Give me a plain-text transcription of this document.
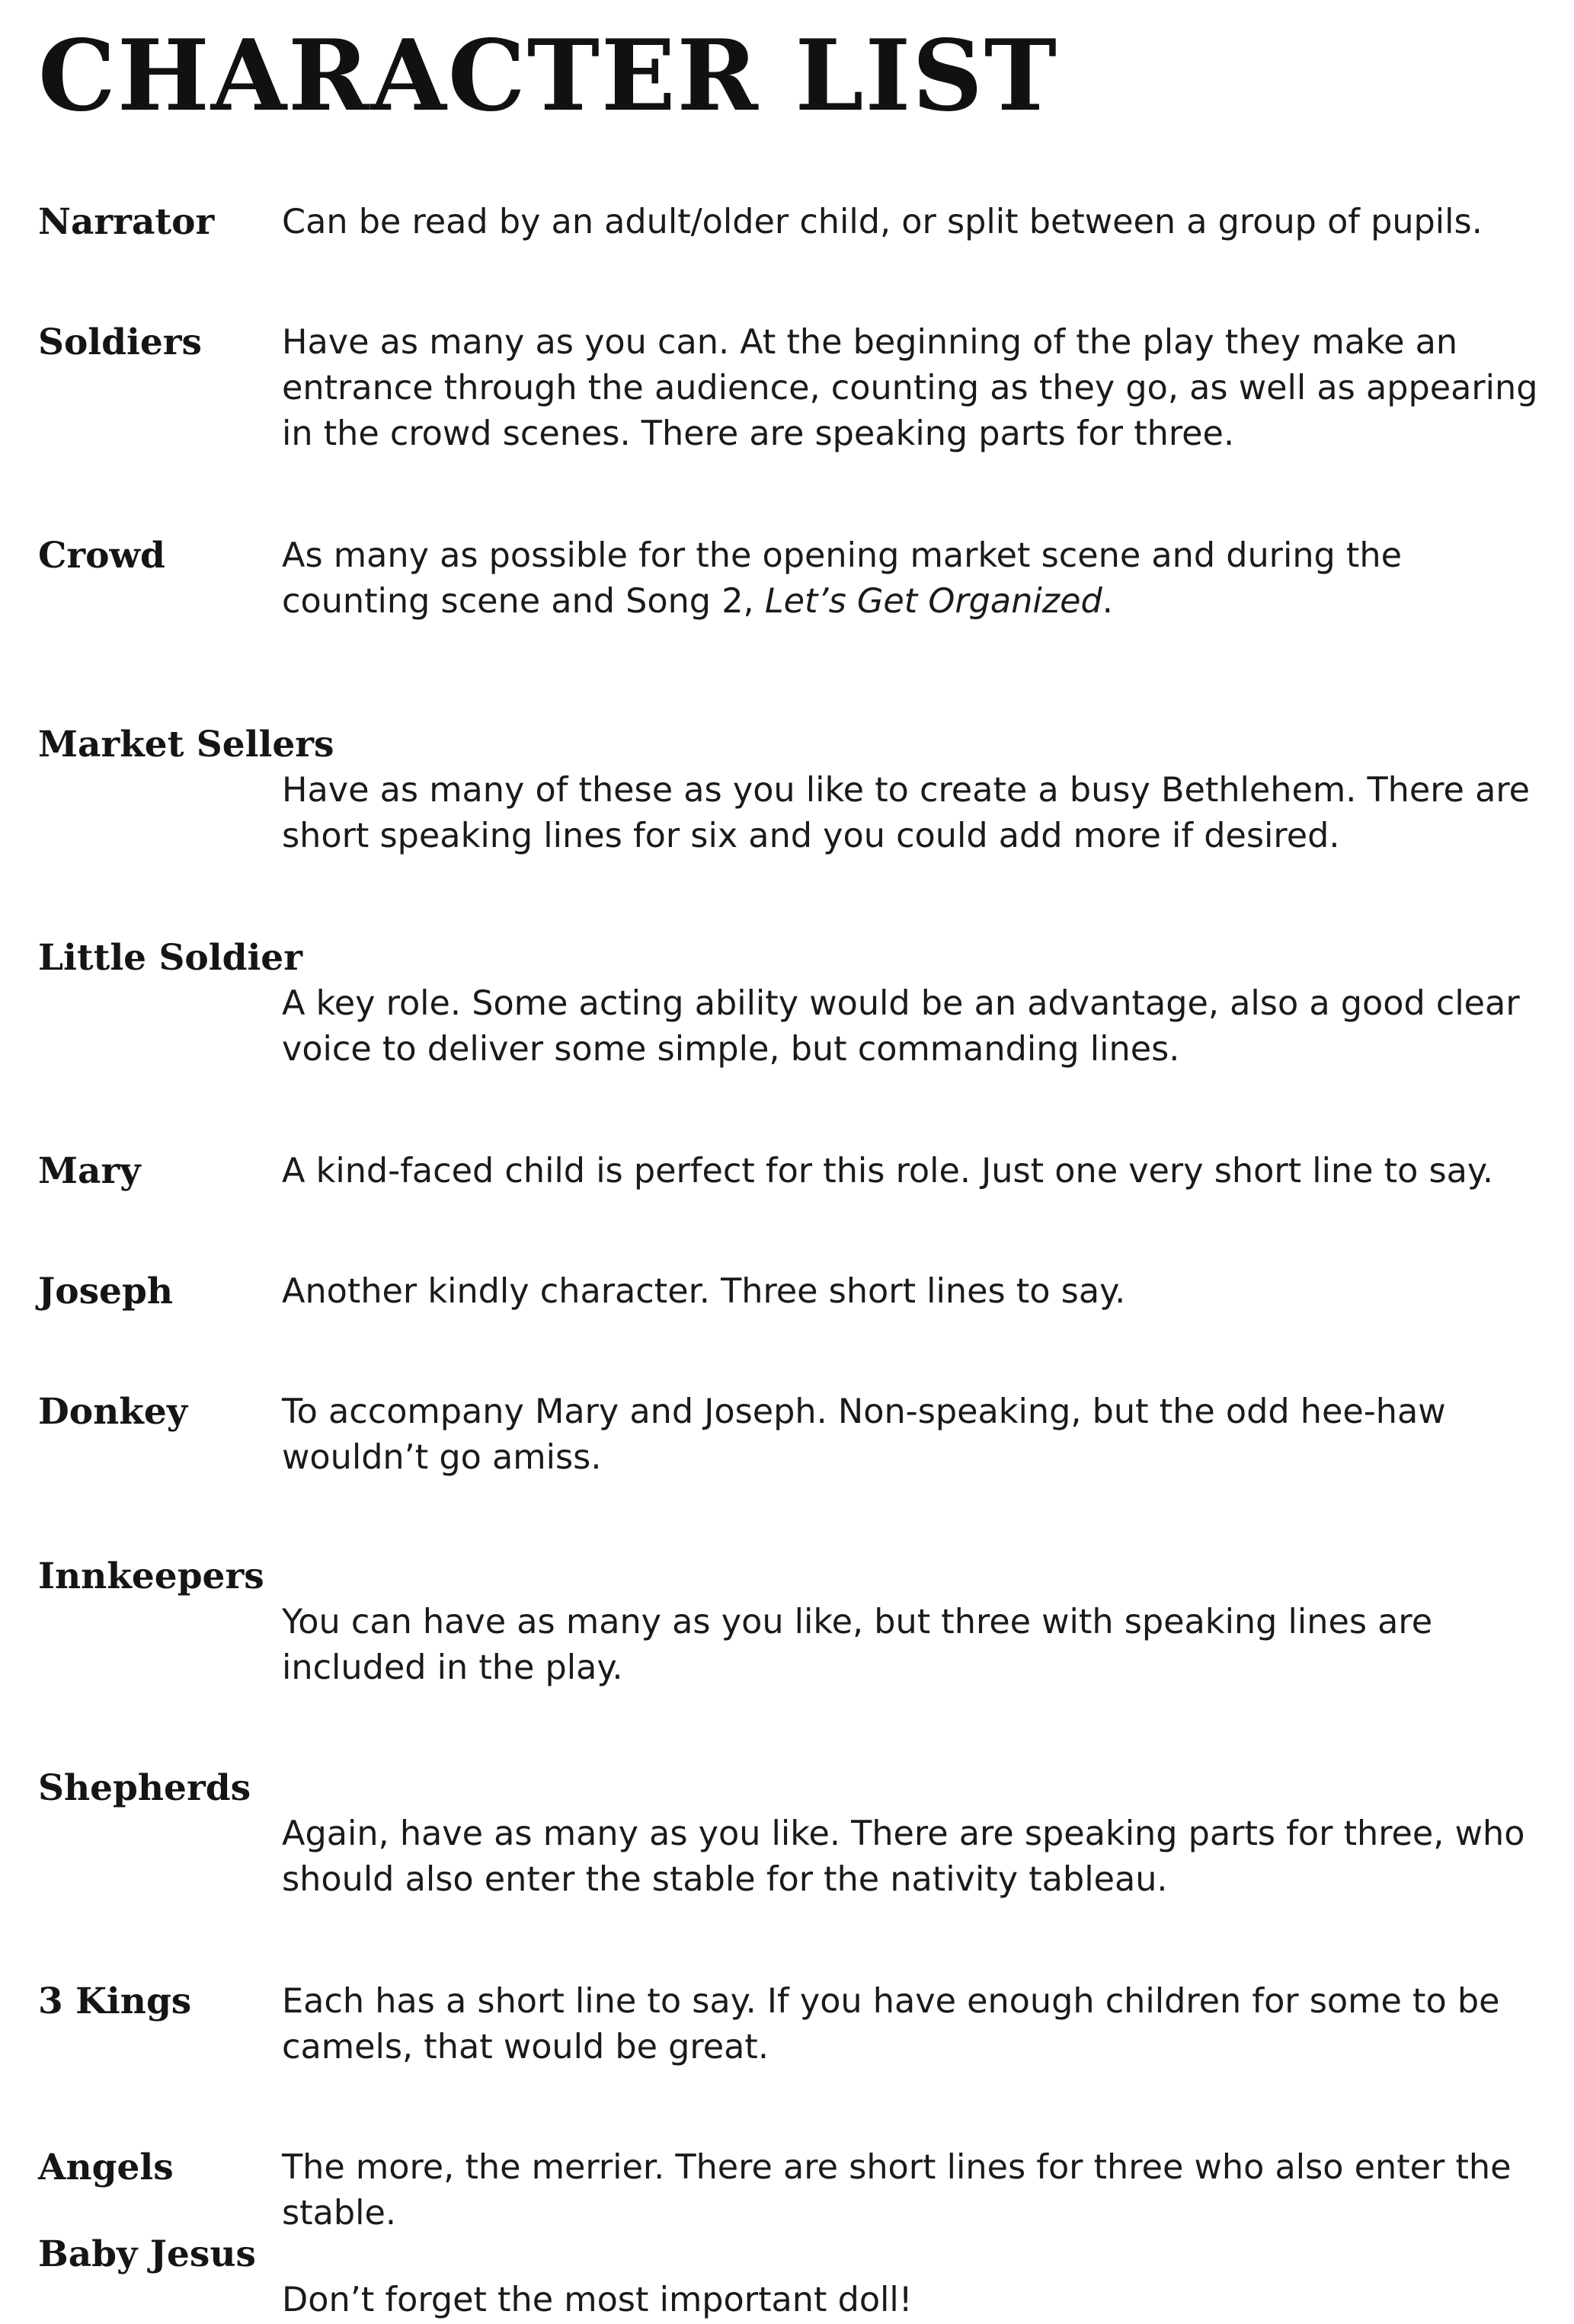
CHARACTER LIST
Narrator Can be read by an adult/older child, or split between a group of pupils.

Soldiers Have as many as you can. At the beginning of the play they make an entrance through the audience, counting as they go, as well as appearing in the crowd scenes. There are speaking parts for three.

Crowd	As many as possible for the opening market scene and during the counting scene and Song 2, Let’s Get Organized.

Market Sellers

Have as many of these as you like to create a busy Bethlehem. There are short speaking lines for six and you could add more if desired.

Little Soldier

A key role. Some acting ability would be an advantage, also a good clear voice to deliver some simple, but commanding lines.

Mary	A kind-faced child is perfect for this role. Just one very short line to say.

Joseph	Another kindly character. Three short lines to say.

Donkey	To accompany Mary and Joseph. Non-speaking, but the odd hee-haw wouldn’t go amiss.

Innkeepers

You can have as many as you like, but three with speaking lines are included in the play.

Shepherds

Again, have as many as you like. There are speaking parts for three, who should also enter the stable for the nativity tableau.

3 Kings	Each has a short line to say. If you have enough children for some to be camels, that would be great.

Angels	The more, the merrier. There are short lines for three who also enter the stable.

Baby Jesus

Don’t forget the most important doll!
